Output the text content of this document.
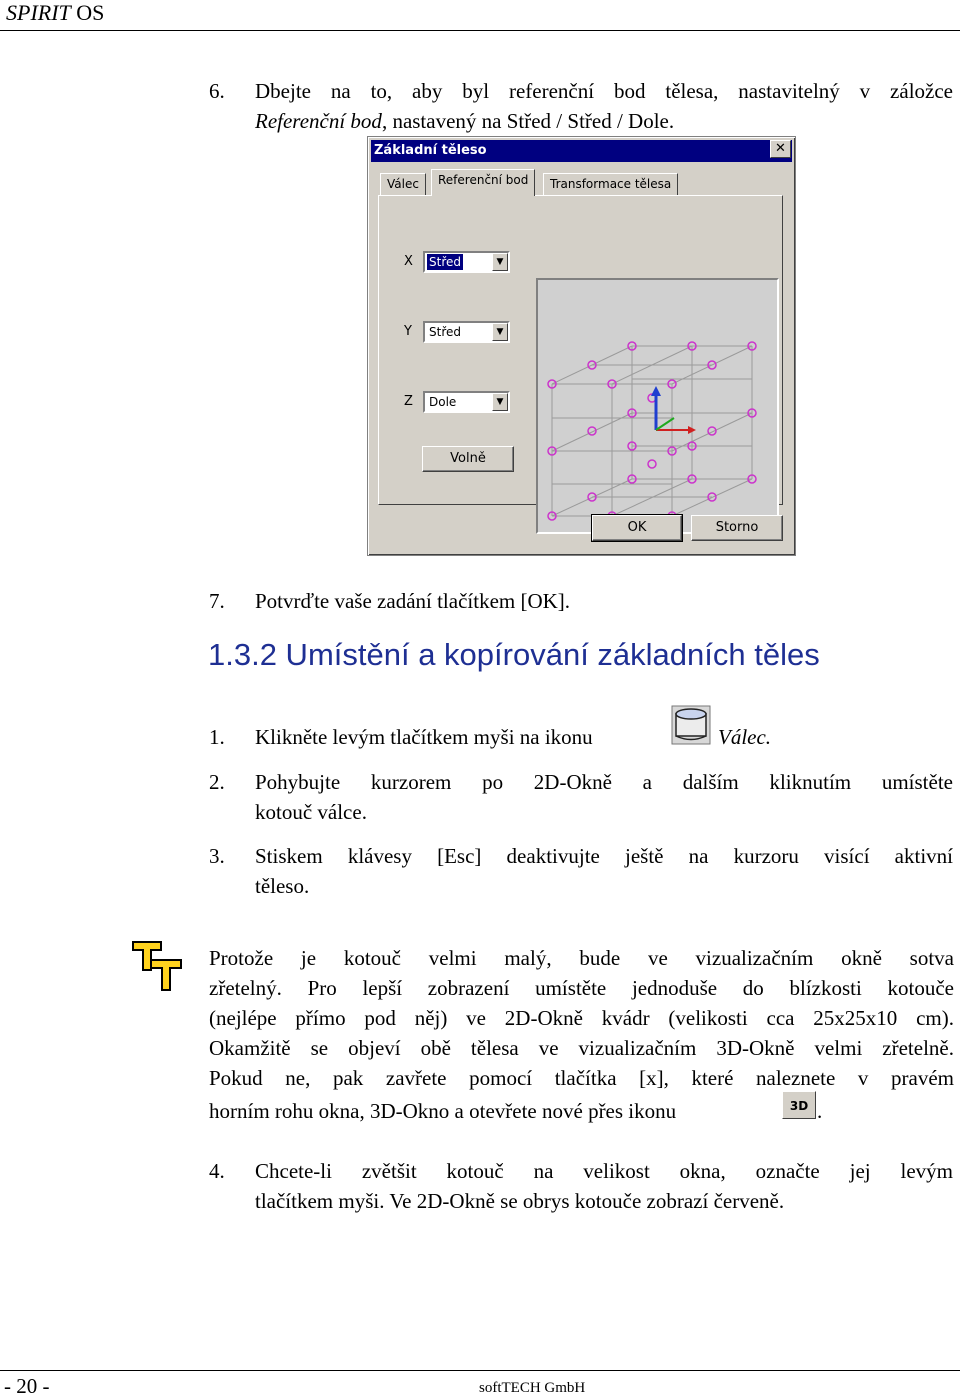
SPIRIT OS
6. Dbejte na to, aby byl referenční bod tělesa, nastavitelný v záložce
Referenční bod, nastavený na Střed / Střed / Dole.
Základní těleso	✕
Válec	Referenční bod	Transformace tělesa
X Střed	▼
Y Střed	▼
Z Dole	▼
Volně
OK	Storno
7. Potvrďte vaše zadání tlačítkem [OK].
1.3.2 Umístění a kopírování základních těles
1. Klikněte levým tlačítkem myši na ikonu	Válec.
2. Pohybujte kurzorem po 2D-Okně a dalším kliknutím umístěte
kotouč válce.
3. Stiskem klávesy [Esc] deaktivujte ještě na kurzoru visící aktivní
těleso.
Protože je kotouč velmi malý, bude ve vizualizačním okně sotva
zřetelný. Pro lepší zobrazení umístěte jednoduše do blízkosti kotouče
(nejlépe přímo pod něj) ve 2D-Okně kvádr (velikosti cca 25x25x10 cm).
Okamžitě se objeví obě tělesa ve vizualizačním 3D-Okně velmi zřetelně.
Pokud ne, pak zavřete pomocí tlačítka [x], které naleznete v pravém
horním rohu okna, 3D-Okno a otevřete nové přes ikonu	3D .
4. Chcete-li zvětšit kotouč na velikost okna, označte jej levým
tlačítkem myši. Ve 2D-Okně se obrys kotouče zobrazí červeně.
- 20 -	softTECH GmbH
